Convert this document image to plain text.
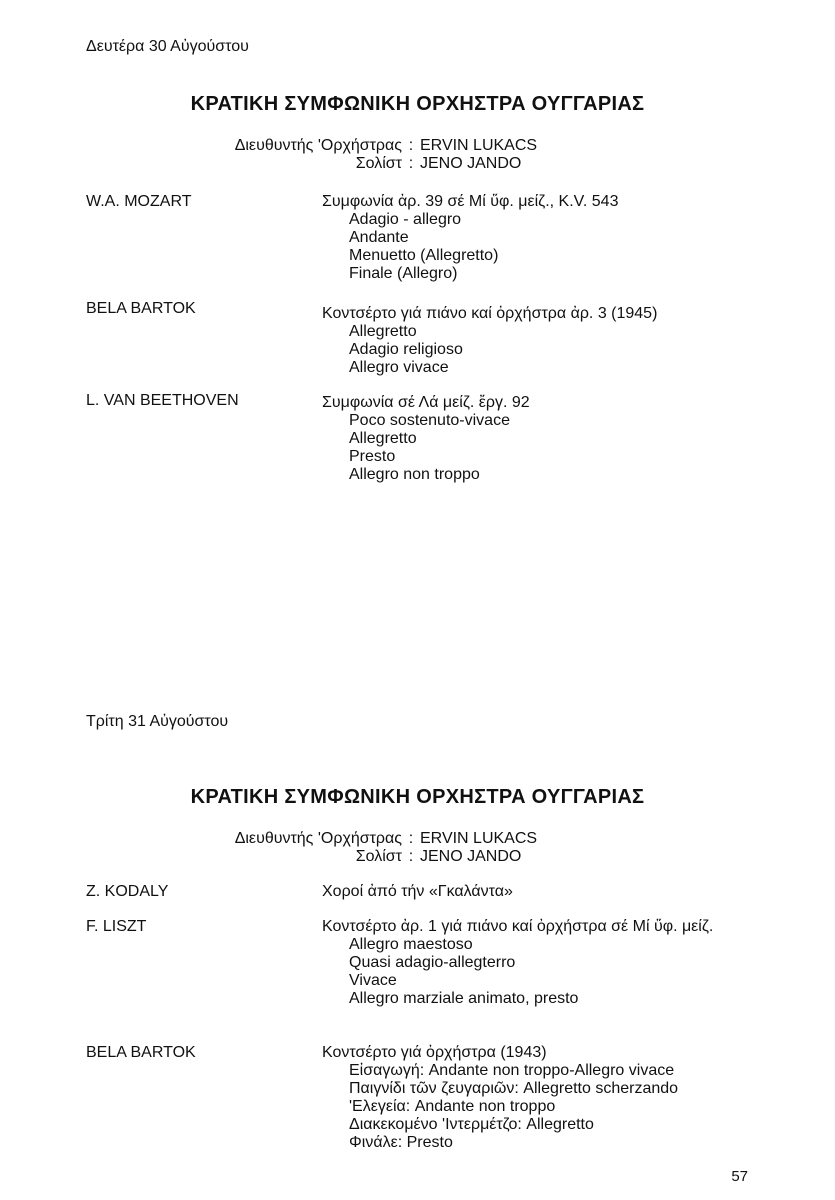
Δευτέρα 30 Αὐγούστου
ΚΡΑΤΙΚΗ ΣΥΜΦΩΝΙΚΗ ΟΡΧΗΣΤΡΑ ΟΥΓΓΑΡΙΑΣ
Διευθυντής 'Ορχήστρας : ERVIN LUKACS
Σολίστ : JENO JANDO
W.A. MOZART	Συμφωνία ἀρ. 39 σέ Μί ὕφ. μείζ., K.V. 543
Adagio - allegro
Andante
Menuetto (Allegretto)
Finale (Allegro)
BELA BARTOK	Κοντσέρτο γιά πιάνο καί ὀρχήστρα ἀρ. 3 (1945)
Allegretto
Adagio religioso
Allegro vivace
L. VAN BEETHOVEN	Συμφωνία σέ Λά μείζ. ἔργ. 92
Poco sostenuto-vivace
Allegretto
Presto
Allegro non troppo
Τρίτη 31 Αὐγούστου
ΚΡΑΤΙΚΗ ΣΥΜΦΩΝΙΚΗ ΟΡΧΗΣΤΡΑ ΟΥΓΓΑΡΙΑΣ
Διευθυντής 'Ορχήστρας : ERVIN LUKACS
Σολίστ : JENO JANDO
Z. KODALY	Χοροί ἀπό τήν «Γκαλάντα»
F. LISZT	Κοντσέρτο ἀρ. 1 γιά πιάνο καί ὀρχήστρα σέ Μί ὕφ. μείζ.
Allegro maestoso
Quasi adagio-allegterro
Vivace
Allegro marziale animato, presto
BELA BARTOK	Κοντσέρτο γιά ὀρχήστρα (1943)
Εἰσαγωγή: Andante non troppo-Allegro vivace
Παιγνίδι τῶν ζευγαριῶν: Allegretto scherzando
'Ελεγεία: Andante non troppo
Διακεκομένο 'Ιντερμέτζο: Allegretto
Φινάλε: Presto
57
